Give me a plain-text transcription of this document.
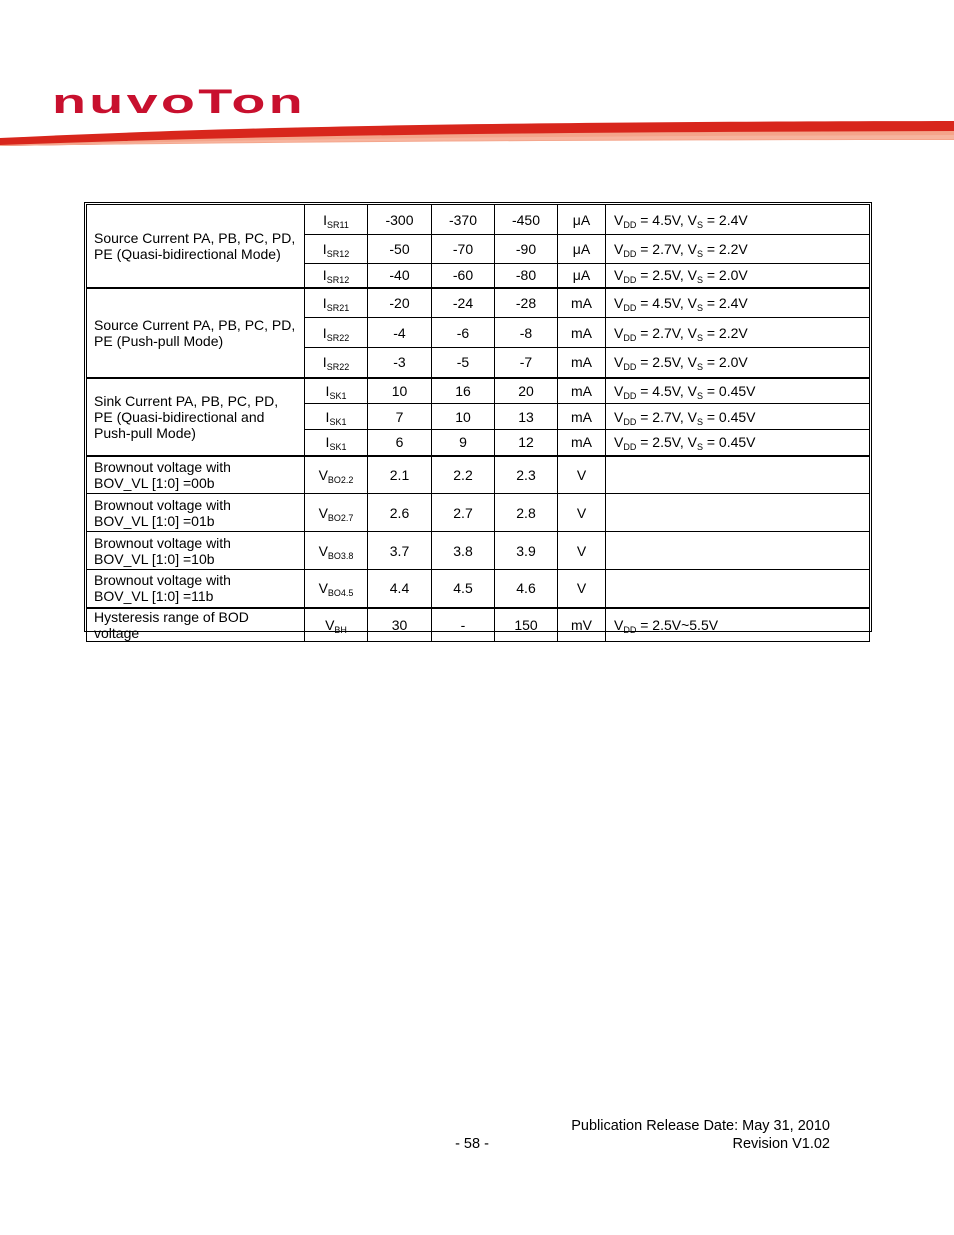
nuvoTon
Source Current PA, PB, PC, PD,
PE (Quasi-bidirectional Mode)	$I_{SR11}$	-300	-370	-450	μA	$V_{DD} = 4.5V$, $V_S = 2.4V$
	$I_{SR12}$	-50	-70	-90	μA	$V_{DD} = 2.7V$, $V_S = 2.2V$
	$I_{SR12}$	-40	-60	-80	μA	$V_{DD} = 2.5V$, $V_S = 2.0V$

Source Current PA, PB, PC, PD,
PE (Push-pull Mode)	$I_{SR21}$	-20	-24	-28	mA	$V_{DD} = 4.5V$, $V_S = 2.4V$
	$I_{SR22}$	-4	-6	-8	mA	$V_{DD} = 2.7V$, $V_S = 2.2V$
	$I_{SR22}$	-3	-5	-7	mA	$V_{DD} = 2.5V$, $V_S = 2.0V$

Sink Current PA, PB, PC, PD,
PE (Quasi-bidirectional and
Push-pull Mode)	$I_{SK1}$	10	16	20	mA	$V_{DD} = 4.5V$, $V_S = 0.45V$
	$I_{SK1}$	7	10	13	mA	$V_{DD} = 2.7V$, $V_S = 0.45V$
	$I_{SK1}$	6	9	12	mA	$V_{DD} = 2.5V$, $V_S = 0.45V$

Brownout voltage with
BOV_VL [1:0] =00b	$V_{BO2.2}$	2.1	2.2	2.3	V	

Brownout voltage with
BOV_VL [1:0] =01b	$V_{BO2.7}$	2.6	2.7	2.8	V	

Brownout voltage with
BOV_VL [1:0] =10b	$V_{BO3.8}$	3.7	3.8	3.9	V	

Brownout voltage with
BOV_VL [1:0] =11b	$V_{BO4.5}$	4.4	4.5	4.6	V	
Hysteresis range of BOD voltage	$V_{BH}$	30	-	150	mV	$V_{DD}$ = 2.5V~5.5V
Publication Release Date: May 31, 2010
- 58 -	Revision V1.02
